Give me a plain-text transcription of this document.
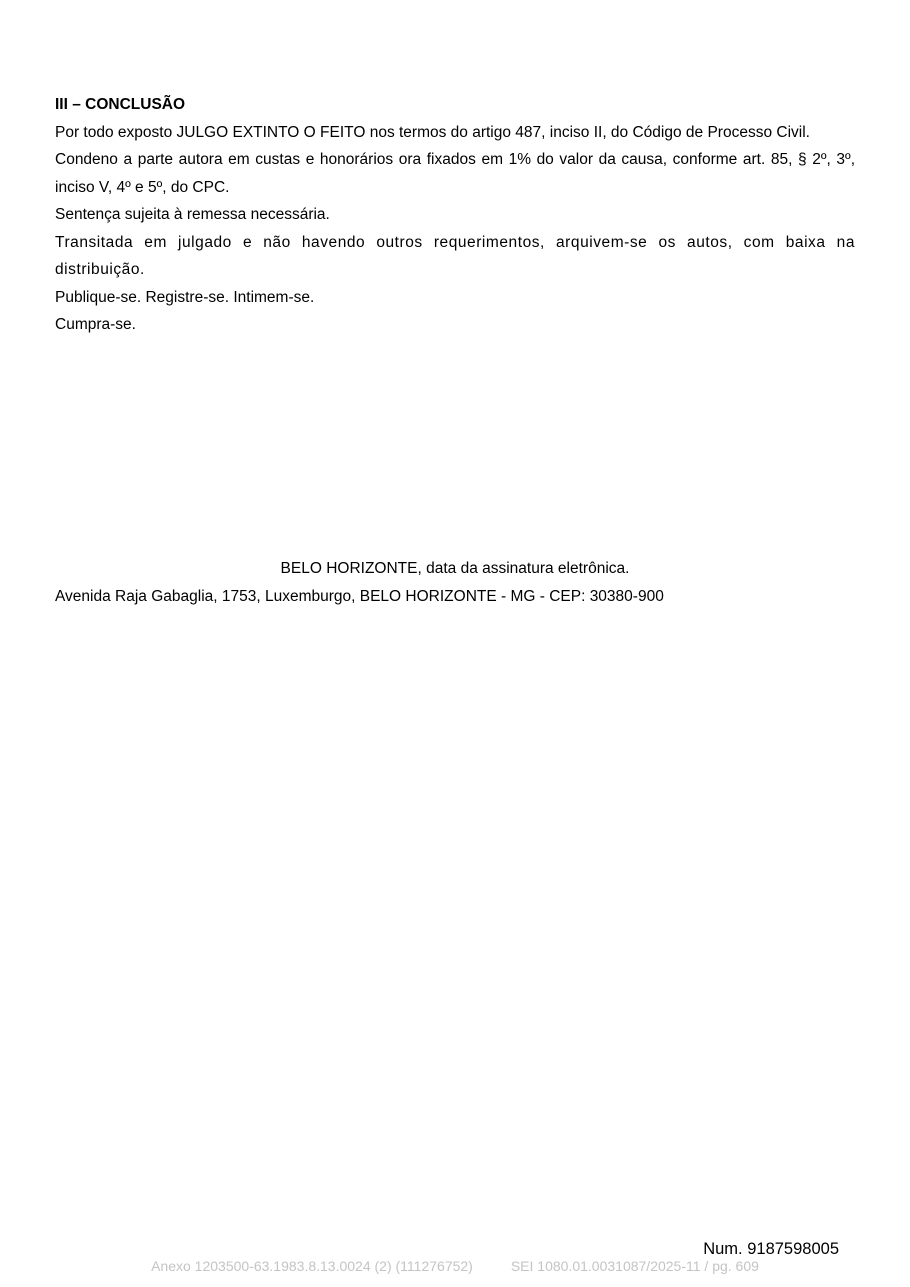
III – CONCLUSÃO

Por todo exposto JULGO EXTINTO O FEITO nos termos do artigo 487, inciso II, do Código de Processo Civil.

Condeno a parte autora em custas e honorários ora fixados em 1% do valor da causa, conforme art. 85, § 2º, 3º, inciso V, 4º e 5º, do CPC.

Sentença sujeita à remessa necessária.

Transitada em julgado e não havendo outros requerimentos, arquivem-se os autos, com baixa na distribuição.

Publique-se. Registre-se. Intimem-se.

Cumpra-se.

BELO HORIZONTE, data da assinatura eletrônica.
Avenida Raja Gabaglia, 1753, Luxemburgo, BELO HORIZONTE - MG - CEP: 30380-900
Num. 9187598005
Anexo 1203500-63.1983.8.13.0024 (2) (111276752)	SEI 1080.01.0031087/2025-11 / pg. 609
